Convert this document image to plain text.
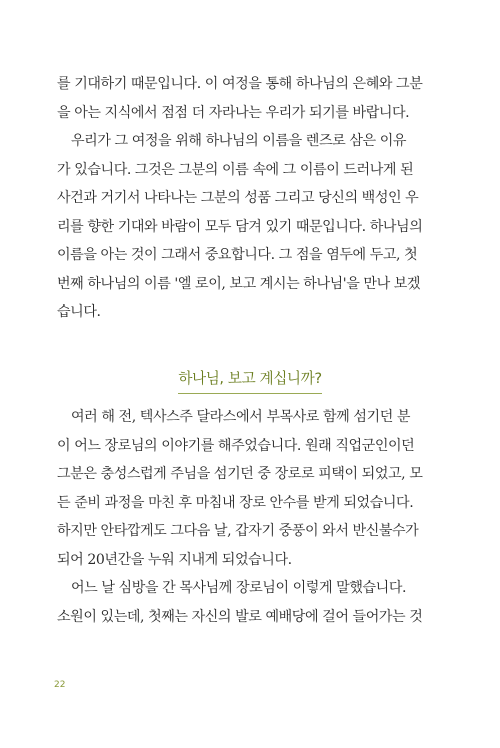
를 기대하기 때문입니다. 이 여정을 통해 하나님의 은혜와 그분
을 아는 지식에서 점점 더 자라나는 우리가 되기를 바랍니다.
우리가 그 여정을 위해 하나님의 이름을 렌즈로 삼은 이유
가 있습니다. 그것은 그분의 이름 속에 그 이름이 드러나게 된
사건과 거기서 나타나는 그분의 성품 그리고 당신의 백성인 우
리를 향한 기대와 바람이 모두 담겨 있기 때문입니다. 하나님의
이름을 아는 것이 그래서 중요합니다. 그 점을 염두에 두고, 첫
번째 하나님의 이름 '엘 로이, 보고 계시는 하나님'을 만나 보겠
습니다.
하나님, 보고 계십니까?
여러 해 전, 텍사스주 달라스에서 부목사로 함께 섬기던 분
이 어느 장로님의 이야기를 해주었습니다. 원래 직업군인이던
그분은 충성스럽게 주님을 섬기던 중 장로로 피택이 되었고, 모
든 준비 과정을 마친 후 마침내 장로 안수를 받게 되었습니다.
하지만 안타깝게도 그다음 날, 갑자기 중풍이 와서 반신불수가
되어 20년간을 누워 지내게 되었습니다.
어느 날 심방을 간 목사님께 장로님이 이렇게 말했습니다.
소원이 있는데, 첫째는 자신의 발로 예배당에 걸어 들어가는 것
22
